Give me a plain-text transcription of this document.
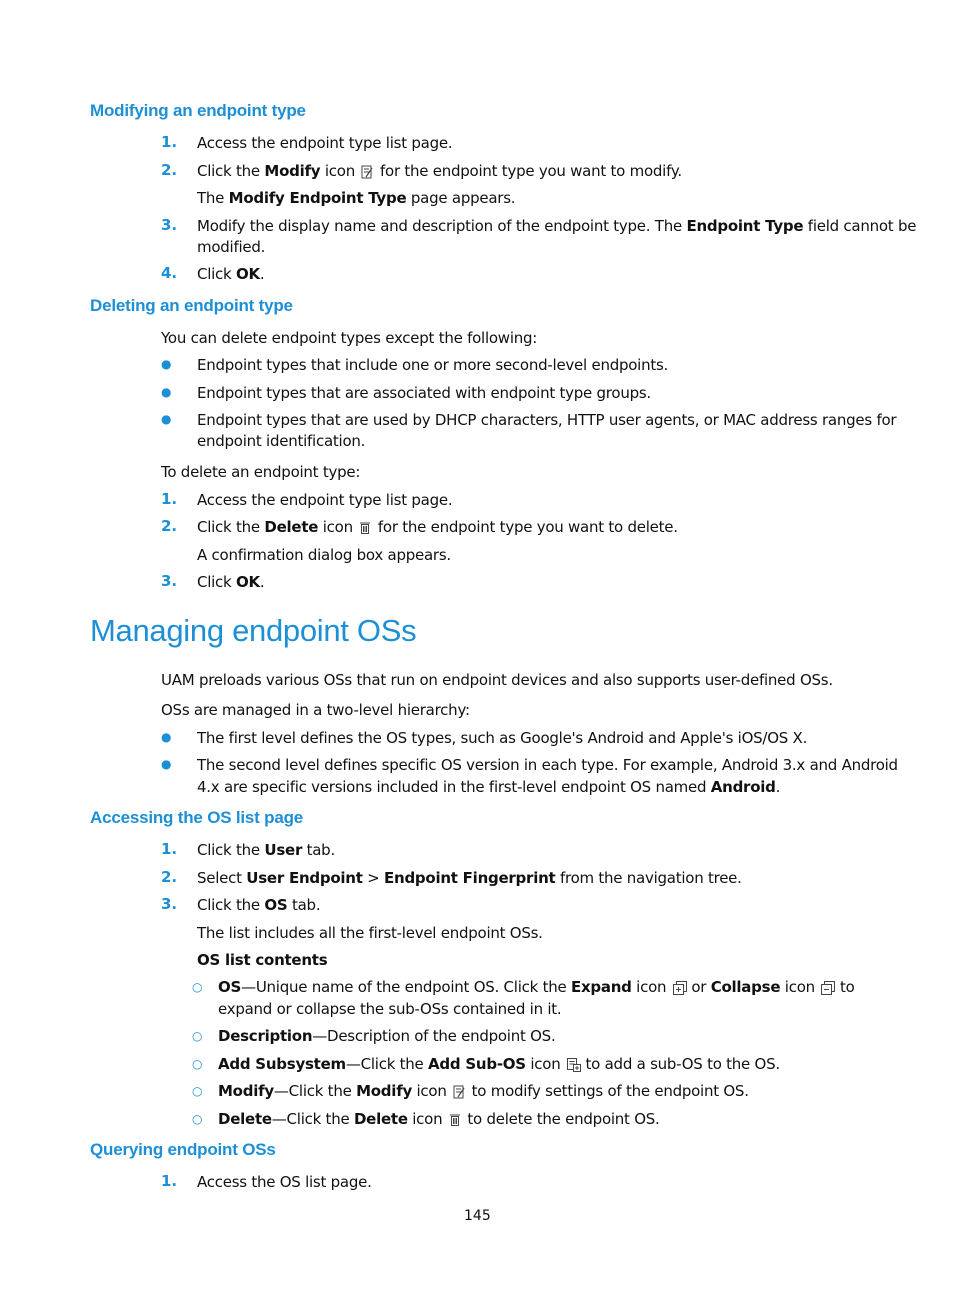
Modifying an endpoint type
1. Access the endpoint type list page.
2. Click the Modify icon
for the endpoint type you want to modify.
The Modify Endpoint Type page appears.
3. Modify the display name and description of the endpoint type. The Endpoint Type field cannot be
modified.
4. Click OK.
Deleting an endpoint type
You can delete endpoint types except the following:
● Endpoint types that include one or more second-level endpoints.
● Endpoint types that are associated with endpoint type groups.
● Endpoint types that are used by DHCP characters, HTTP user agents, or MAC address ranges for
endpoint identification.
To delete an endpoint type:
1. Access the endpoint type list page.
2. Click the Delete icon
for the endpoint type you want to delete.
A confirmation dialog box appears.
3. Click OK.
Managing endpoint OSs
UAM preloads various OSs that run on endpoint devices and also supports user-defined OSs.
OSs are managed in a two-level hierarchy:
● The first level defines the OS types, such as Google's Android and Apple's iOS/OS X.
● The second level defines specific OS version in each type. For example, Android 3.x and Android
4.x are specific versions included in the first-level endpoint OS named Android.
Accessing the OS list page
1. Click the User tab.
2. Select User Endpoint > Endpoint Fingerprint from the navigation tree.
3. Click the OS tab.
The list includes all the first-level endpoint OSs.
OS list contents
○ OS—Unique name of the endpoint OS. Click the Expand icon
or Collapse icon
to
expand or collapse the sub-OSs contained in it.
○ Description—Description of the endpoint OS.
○ Add Subsystem—Click the Add Sub-OS icon
to add a sub-OS to the OS.
○ Modify—Click the Modify icon
to modify settings of the endpoint OS.
○ Delete—Click the Delete icon
to delete the endpoint OS.
Querying endpoint OSs
1. Access the OS list page.
145
